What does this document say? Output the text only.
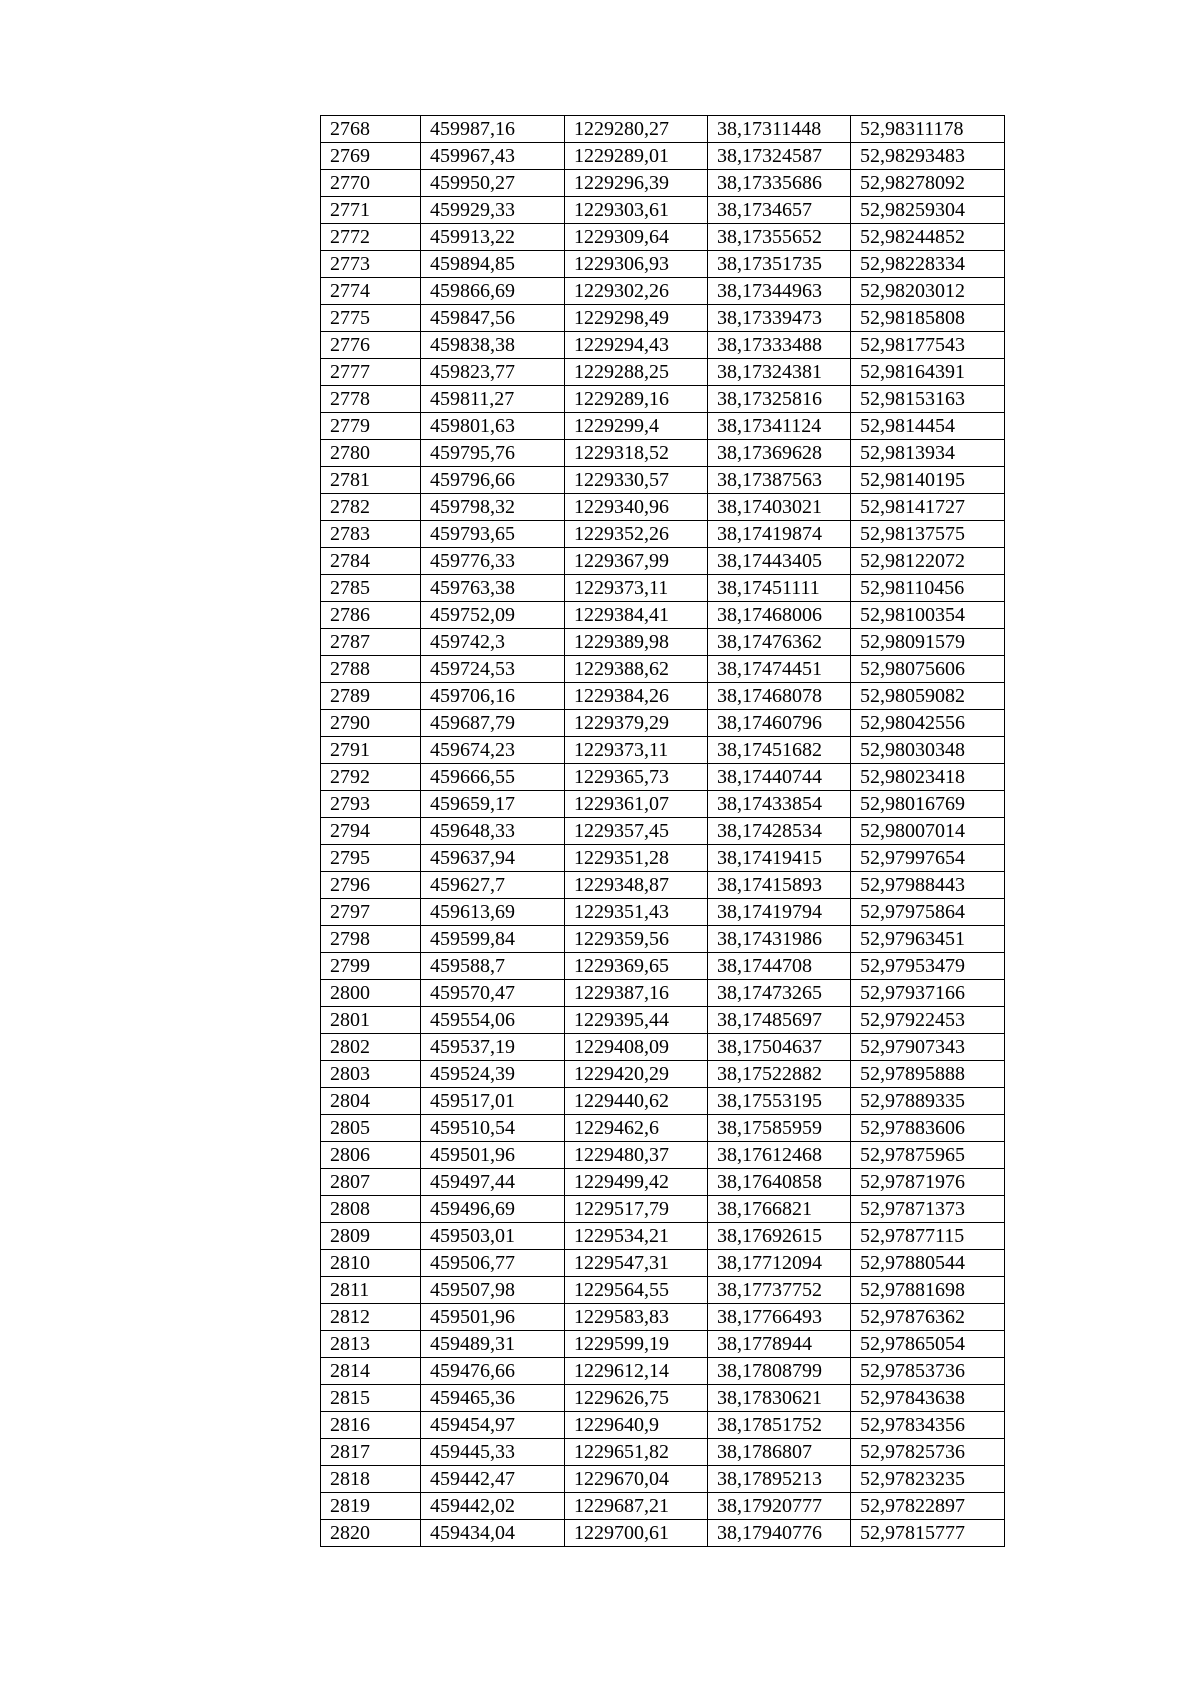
2768	459987,16	1229280,27	38,17311448	52,98311178
2769	459967,43	1229289,01	38,17324587	52,98293483
2770	459950,27	1229296,39	38,17335686	52,98278092
2771	459929,33	1229303,61	38,1734657	52,98259304
2772	459913,22	1229309,64	38,17355652	52,98244852
2773	459894,85	1229306,93	38,17351735	52,98228334
2774	459866,69	1229302,26	38,17344963	52,98203012
2775	459847,56	1229298,49	38,17339473	52,98185808
2776	459838,38	1229294,43	38,17333488	52,98177543
2777	459823,77	1229288,25	38,17324381	52,98164391
2778	459811,27	1229289,16	38,17325816	52,98153163
2779	459801,63	1229299,4	38,17341124	52,9814454
2780	459795,76	1229318,52	38,17369628	52,9813934
2781	459796,66	1229330,57	38,17387563	52,98140195
2782	459798,32	1229340,96	38,17403021	52,98141727
2783	459793,65	1229352,26	38,17419874	52,98137575
2784	459776,33	1229367,99	38,17443405	52,98122072
2785	459763,38	1229373,11	38,17451111	52,98110456
2786	459752,09	1229384,41	38,17468006	52,98100354
2787	459742,3	1229389,98	38,17476362	52,98091579
2788	459724,53	1229388,62	38,17474451	52,98075606
2789	459706,16	1229384,26	38,17468078	52,98059082
2790	459687,79	1229379,29	38,17460796	52,98042556
2791	459674,23	1229373,11	38,17451682	52,98030348
2792	459666,55	1229365,73	38,17440744	52,98023418
2793	459659,17	1229361,07	38,17433854	52,98016769
2794	459648,33	1229357,45	38,17428534	52,98007014
2795	459637,94	1229351,28	38,17419415	52,97997654
2796	459627,7	1229348,87	38,17415893	52,97988443
2797	459613,69	1229351,43	38,17419794	52,97975864
2798	459599,84	1229359,56	38,17431986	52,97963451
2799	459588,7	1229369,65	38,1744708	52,97953479
2800	459570,47	1229387,16	38,17473265	52,97937166
2801	459554,06	1229395,44	38,17485697	52,97922453
2802	459537,19	1229408,09	38,17504637	52,97907343
2803	459524,39	1229420,29	38,17522882	52,97895888
2804	459517,01	1229440,62	38,17553195	52,97889335
2805	459510,54	1229462,6	38,17585959	52,97883606
2806	459501,96	1229480,37	38,17612468	52,97875965
2807	459497,44	1229499,42	38,17640858	52,97871976
2808	459496,69	1229517,79	38,1766821	52,97871373
2809	459503,01	1229534,21	38,17692615	52,97877115
2810	459506,77	1229547,31	38,17712094	52,97880544
2811	459507,98	1229564,55	38,17737752	52,97881698
2812	459501,96	1229583,83	38,17766493	52,97876362
2813	459489,31	1229599,19	38,1778944	52,97865054
2814	459476,66	1229612,14	38,17808799	52,97853736
2815	459465,36	1229626,75	38,17830621	52,97843638
2816	459454,97	1229640,9	38,17851752	52,97834356
2817	459445,33	1229651,82	38,1786807	52,97825736
2818	459442,47	1229670,04	38,17895213	52,97823235
2819	459442,02	1229687,21	38,17920777	52,97822897
2820	459434,04	1229700,61	38,17940776	52,97815777
